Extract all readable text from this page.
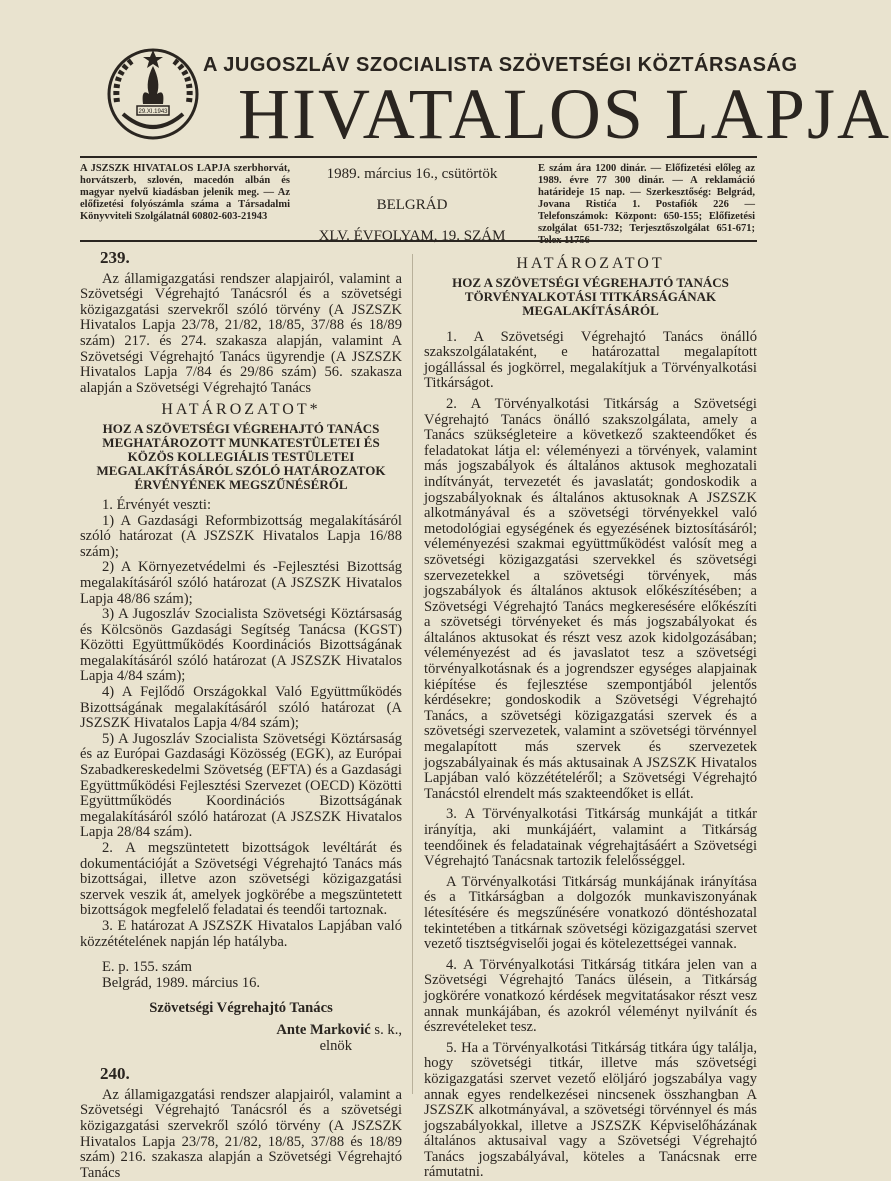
29.XI.1943
A JUGOSZLÁV SZOCIALISTA SZÖVETSÉGI KÖZTÁRSASÁG
HIVATALOS LAPJA
A JSZSZK HIVATALOS LAPJA szerbhorvát, horvátszerb, szlovén, macedón albán és magyar nyelvű kiadásban jelenik meg. — Az előfizetési folyószámla száma a Társadalmi Könyvviteli Szolgálatnál 60802-603-21943
1989. március 16., csütörtök
BELGRÁD
XLV. ÉVFOLYAM, 19. SZÁM
E szám ára 1200 dinár. — Előfizetési előleg az 1989. évre 77 300 dinár. — A reklamáció határideje 15 nap. — Szerkesztőség: Belgrád, Jovana Ristića 1. Postafiók 226 — Telefonszámok: Központ: 650-155; Előfizetési szolgálat 651-732; Terjesztőszolgálat 651-671; Telex 11756
239.

Az államigazgatási rendszer alapjairól, valamint a Szövetségi Végrehajtó Tanácsról és a szövetségi közigazgatási szervekről szóló törvény (A JSZSZK Hivatalos Lapja 23/78, 21/82, 18/85, 37/88 és 18/89 szám) 217. és 274. szakasza alapján, valamint A Szövetségi Végrehajtó Tanács ügyrendje (A JSZSZK Hivatalos Lapja 7/84 és 29/86 szám) 56. szakasza alapján a Szövetségi Végrehajtó Tanács

HATÁROZATOT*
HOZ A SZÖVETSÉGI VÉGREHAJTÓ TANÁCS MEGHATÁROZOTT MUNKATESTÜLETEI ÉS KÖZÖS KOLLEGIÁLIS TESTÜLETEI MEGALAKÍTÁSÁRÓL SZÓLÓ HATÁROZATOK ÉRVÉNYÉNEK MEGSZŰNÉSÉRŐL

1. Érvényét veszti:

1) A Gazdasági Reformbizottság megalakításáról szóló határozat (A JSZSZK Hivatalos Lapja 16/88 szám);

2) A Környezetvédelmi és -Fejlesztési Bizottság megalakításáról szóló határozat (A JSZSZK Hivatalos Lapja 48/86 szám);

3) A Jugoszláv Szocialista Szövetségi Köztársaság és Kölcsönös Gazdasági Segítség Tanácsa (KGST) Közötti Együttműködés Koordinációs Bizottságának megalakításáról szóló határozat (A JSZSZK Hivatalos Lapja 4/84 szám);

4) A Fejlődő Országokkal Való Együttműködés Bizottságának megalakításáról szóló határozat (A JSZSZK Hivatalos Lapja 4/84 szám);

5) A Jugoszláv Szocialista Szövetségi Köztársaság és az Európai Gazdasági Közösség (EGK), az Európai Szabadkereskedelmi Szövetség (EFTA) és a Gazdasági Együttműködési Fejlesztési Szervezet (OECD) Közötti Együttműködés Koordinációs Bizottságának megalakításáról szóló határozat (A JSZSZK Hivatalos Lapja 28/84 szám).

2. A megszüntetett bizottságok levéltárát és dokumentációját a Szövetségi Végrehajtó Tanács más bizottságai, illetve azon szövetségi közigazgatási szervek veszik át, amelyek jogkörébe a megszüntetett bizottságok megfelelő feladatai és teendői tartoznak.

3. E határozat A JSZSZK Hivatalos Lapjában való közzétételének napján lép hatályba.

E. p. 155. szám
Belgrád, 1989. március 16.
Szövetségi Végrehajtó Tanács
Ante Marković s. k.,
elnök
240.

Az államigazgatási rendszer alapjairól, valamint a Szövetségi Végrehajtó Tanácsról és a szövetségi közigazgatási szervekről szóló törvény (A JSZSZK Hivatalos Lapja 23/78, 21/82, 18/85, 37/88 és 18/89 szám) 216. szakasza alapján a Szövetségi Végrehajtó Tanács

HATÁROZATOT
HOZ A SZÖVETSÉGI VÉGREHAJTÓ TANÁCS TÖRVÉNYALKOTÁSI TITKÁRSÁGÁNAK MEGALAKÍTÁSÁRÓL

1. A Szövetségi Végrehajtó Tanács önálló szakszolgálataként, e határozattal megalapított jogállással és jogkörrel, megalakítjuk a Törvényalkotási Titkárságot.

2. A Törvényalkotási Titkárság a Szövetségi Végrehajtó Tanács önálló szakszolgálata, amely a Tanács szükségleteire a következő szakteendőket és feladatokat látja el: véleményezi a törvények, valamint más jogszabályok és általános aktusok meghozatali indítványát, tervezetét és javaslatát; gondoskodik a jogszabályoknak és általános aktusoknak A JSZSZK alkotmányával és a szövetségi törvényekkel való metodológiai egységének és egyezésének biztosításáról; véleményezési szakmai együttműködést valósít meg a szövetségi közigazgatási szervekkel és szövetségi szervezetekkel a szövetségi törvények, más jogszabályok és általános aktusok előkészítésében; a Szövetségi Végrehajtó Tanács megkeresésére előkészíti a szövetségi törvényeket és más jogszabályokat és általános aktusokat és részt vesz azok kidolgozásában; véleményezést ad és javaslatot tesz a szövetségi törvényalkotásnak és a jogrendszer egységes alapjainak kiépítése és fejlesztése szempontjából jelentős kérdésekre; gondoskodik a Szövetségi Végrehajtó Tanács, a szövetségi közigazgatási szervek és a szövetségi szervezetek, valamint a szövetségi törvénnyel megalapított más szervek és szervezetek jogszabályainak és más aktusainak A JSZSZK Hivatalos Lapjában való közzétételéről; a Szövetségi Végrehajtó Tanácstól elrendelt más szakteendőket is ellát.

3. A Törvényalkotási Titkárság munkáját a titkár irányítja, aki munkájáért, valamint a Titkárság teendőinek és feladatainak végrehajtásáért a Szövetségi Végrehajtó Tanácsnak tartozik felelősséggel.

A Törvényalkotási Titkárság munkájának irányítása és a Titkárságban a dolgozók munkaviszonyának létesítésére és megszűnésére vonatkozó döntéshozatal tekintetében a titkárnak szövetségi közigazgatási szervet vezető tisztségviselői jogai és kötelezettségei vannak.

4. A Törvényalkotási Titkárság titkára jelen van a Szövetségi Végrehajtó Tanács ülésein, a Titkárság jogkörére vonatkozó kérdések megvitatásakor részt vesz annak munkájában, és azokról véleményt nyilvánít és észrevételeket tesz.

5. Ha a Törvényalkotási Titkárság titkára úgy találja, hogy szövetségi titkár, illetve más szövetségi közigazgatási szervet vezető elöljáró jogszabálya vagy annak egyes rendelkezései nincsenek összhangban A JSZSZK alkotmányával, a szövetségi törvénnyel és más jogszabályokkal, illetve a JSZSZK Képviselőházának általános aktusaival vagy a Szövetségi Végrehajtó Tanács jogszabályával, köteles a Tanácsnak erre rámutatni.
